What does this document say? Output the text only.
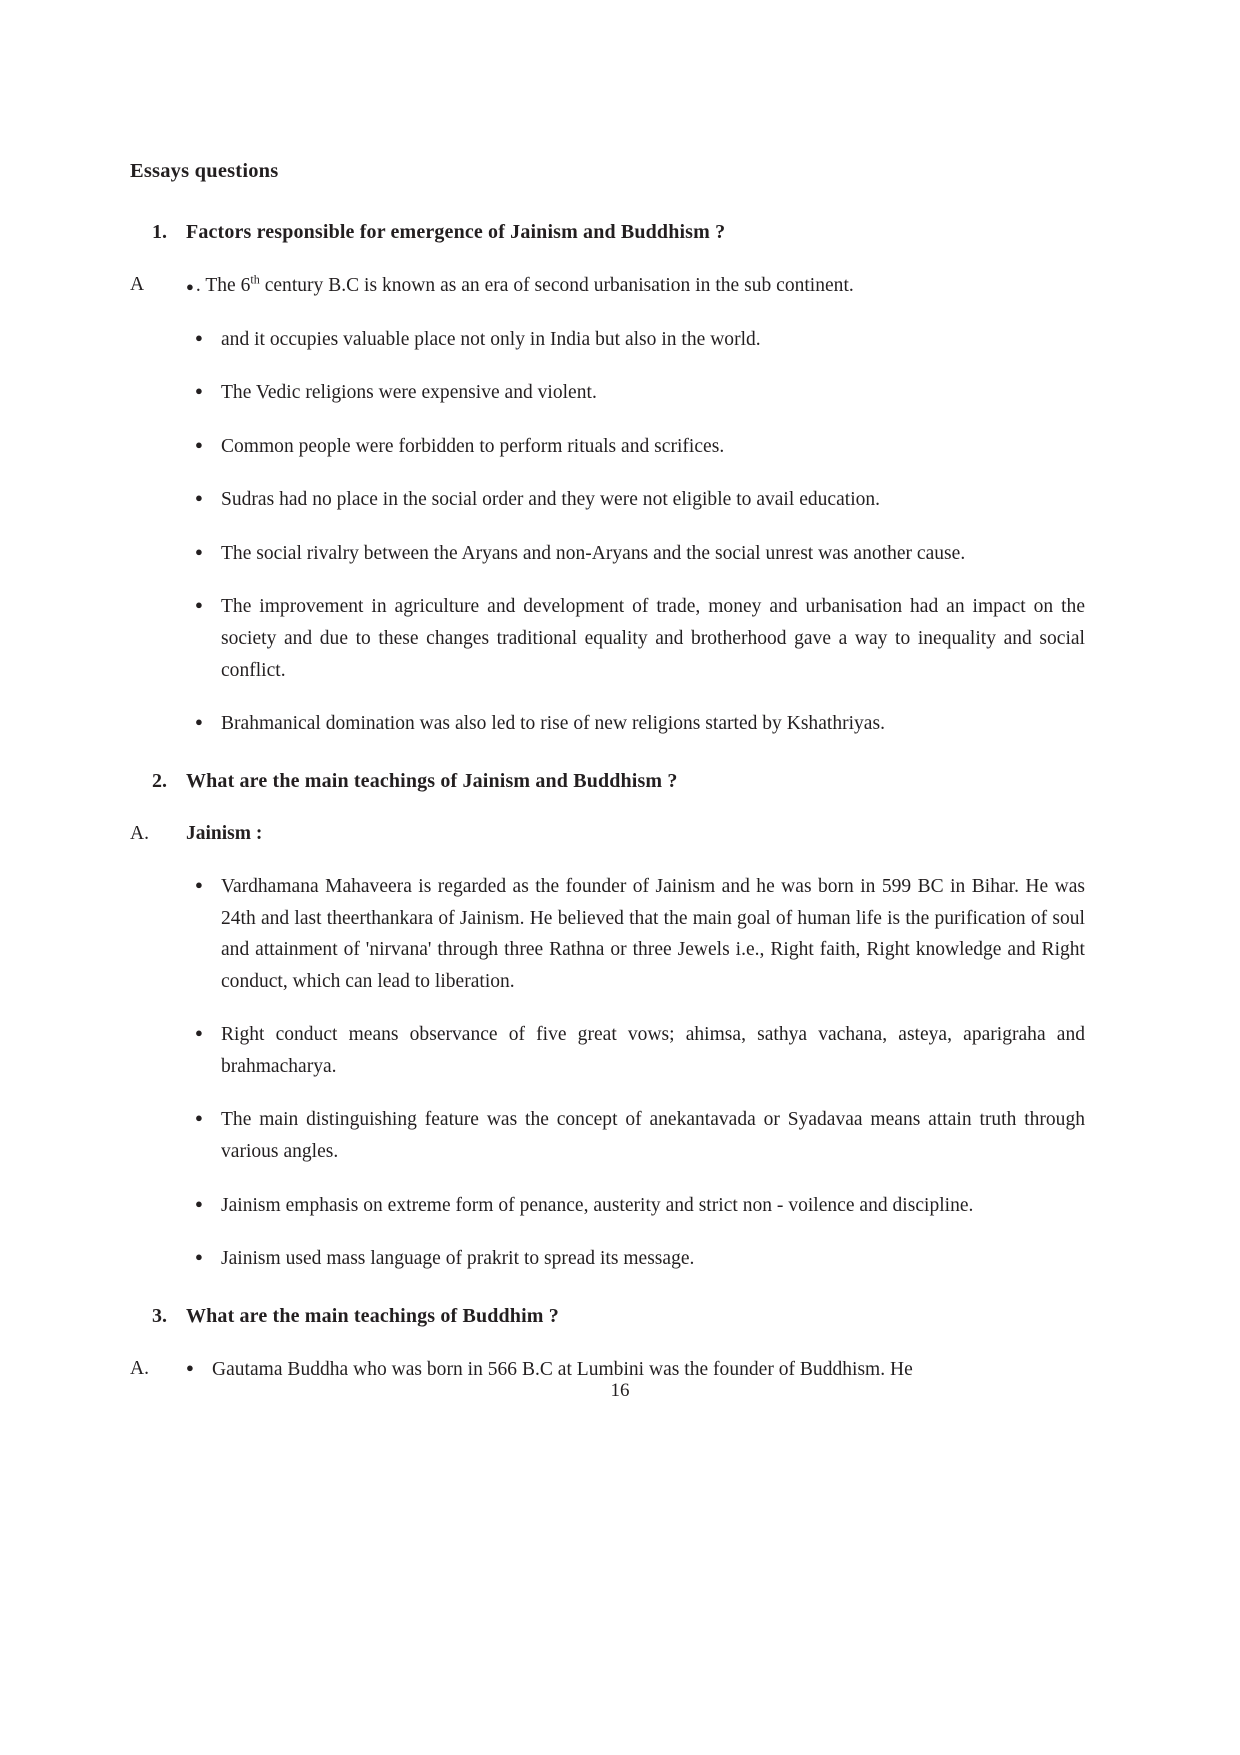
Essays questions
1. Factors responsible for emergence of Jainism and Buddhism ?
A	● . The 6th century B.C is known as an era of second urbanisation in the sub continent.
●
and it occupies valuable place not only in India but also in the world.
●
The Vedic religions were expensive and violent.
●
Common people were forbidden to perform rituals and scrifices.
●
Sudras had no place in the social order and they were not eligible to avail education.
●
The social rivalry between the Aryans and non-Aryans and the social unrest was another cause.
●
The improvement in agriculture and development of trade, money and urbanisation had an impact on the society and due to these changes traditional equality and brotherhood gave a way to inequality and social conflict.
●
Brahmanical domination was also led to rise of new religions started by Kshathriyas.
2. What are the main teachings of Jainism and Buddhism ?
A.	Jainism :
●
Vardhamana Mahaveera is regarded as the founder of Jainism and he was born in 599 BC in Bihar. He was 24th and last theerthankara of Jainism. He believed that the main goal of human life is the purification of soul and attainment of 'nirvana' through three Rathna or three Jewels i.e., Right faith, Right knowledge and Right conduct, which can lead to liberation.
●
Right conduct means observance of five great vows; ahimsa, sathya vachana, asteya, aparigraha and brahmacharya.
●
The main distinguishing feature was the concept of anekantavada or Syadavaa means attain truth through various angles.
●
Jainism emphasis on extreme form of penance, austerity and strict non - voilence and discipline.
●
Jainism used mass language of prakrit to spread its message.
3. What are the main teachings of Buddhim ?
A. ●	Gautama Buddha who was born in 566 B.C at Lumbini was the founder of Buddhism. He
16
